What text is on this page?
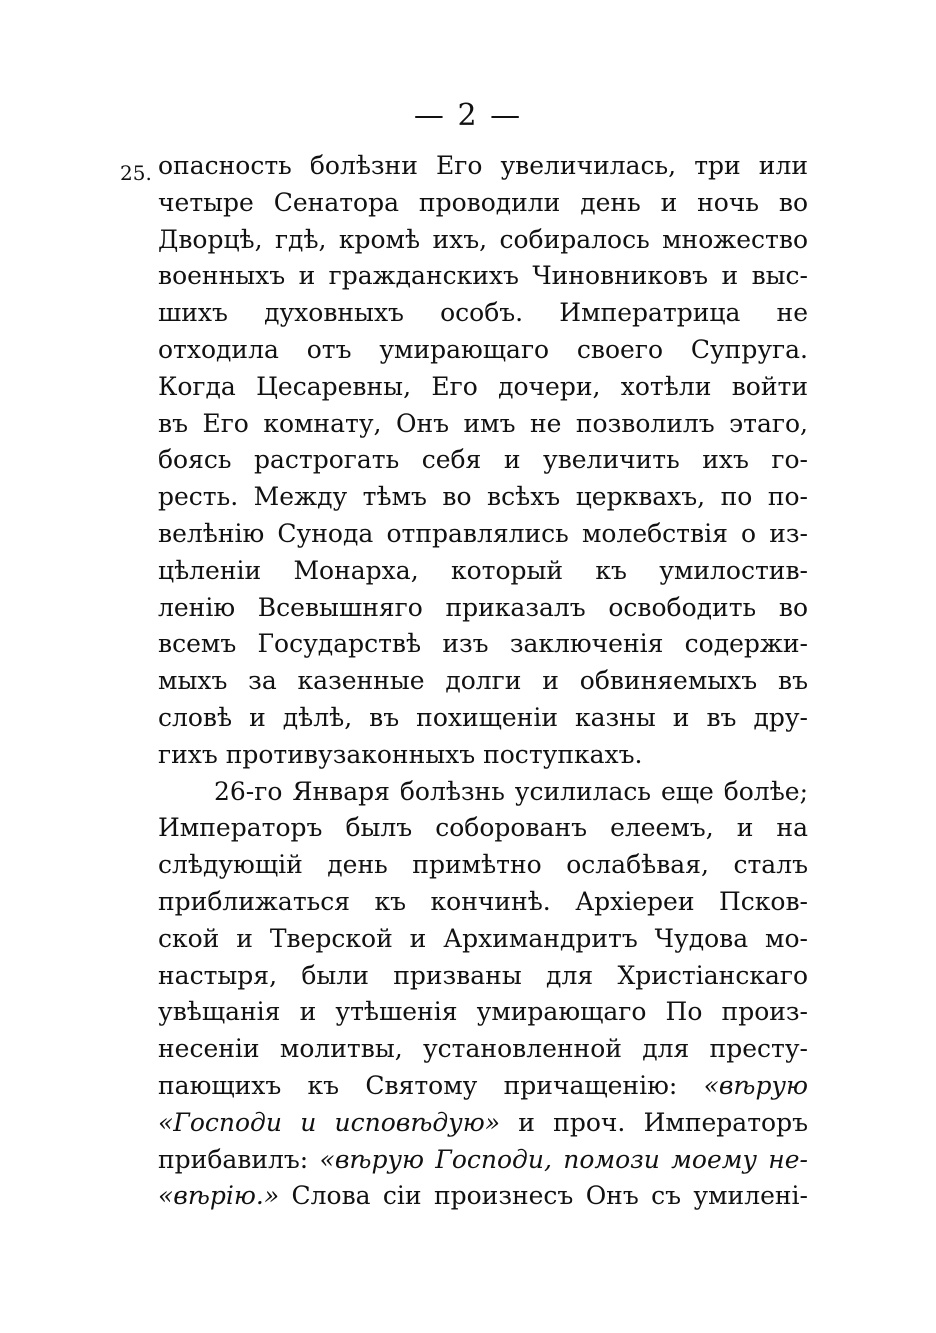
— 2 —
25. опасность болѣзни Его увеличилась, три или
четыре Сенатора проводили день и ночь во
Дворцѣ, гдѣ, кромѣ ихъ, собиралось множество
военныхъ и гражданскихъ Чиновниковъ и выс-
шихъ духовныхъ особъ. Императрица не
отходила отъ умирающаго своего Супруга.
Когда Цесаревны, Его дочери, хотѣли войти
въ Его комнату, Онъ имъ не позволилъ этаго,
боясь растрогать себя и увеличить ихъ го-
ресть. Между тѣмъ во всѣхъ церквахъ, по по-
велѣнію Сунода отправлялись молебствія о из-
цѣленіи Монарха, который къ умилостив-
ленію Всевышняго приказалъ освободить во
всемъ Государствѣ изъ заключенія содержи-
мыхъ за казенные долги и обвиняемыхъ въ
словѣ и дѣлѣ, въ похищеніи казны и въ дру-
гихъ противузаконныхъ поступкахъ.
26-го Января болѣзнь усилилась еще болѣе;
Императоръ былъ соборованъ елеемъ, и на
слѣдующій день примѣтно ослабѣвая, сталъ
приближаться къ кончинѣ. Архіереи Псков-
ской и Тверской и Архимандритъ Чудова мо-
настыря, были призваны для Христіанскаго
увѣщанія и утѣшенія умирающаго По произ-
несеніи молитвы, установленной для престу-
пающихъ къ Святому причащенію: «вѣрую
«Господи и исповѣдую» и проч. Императоръ
прибавилъ: «вѣрую Господи, помози моему не-
«вѣрію.» Слова сіи произнесъ Онъ съ умилені-
